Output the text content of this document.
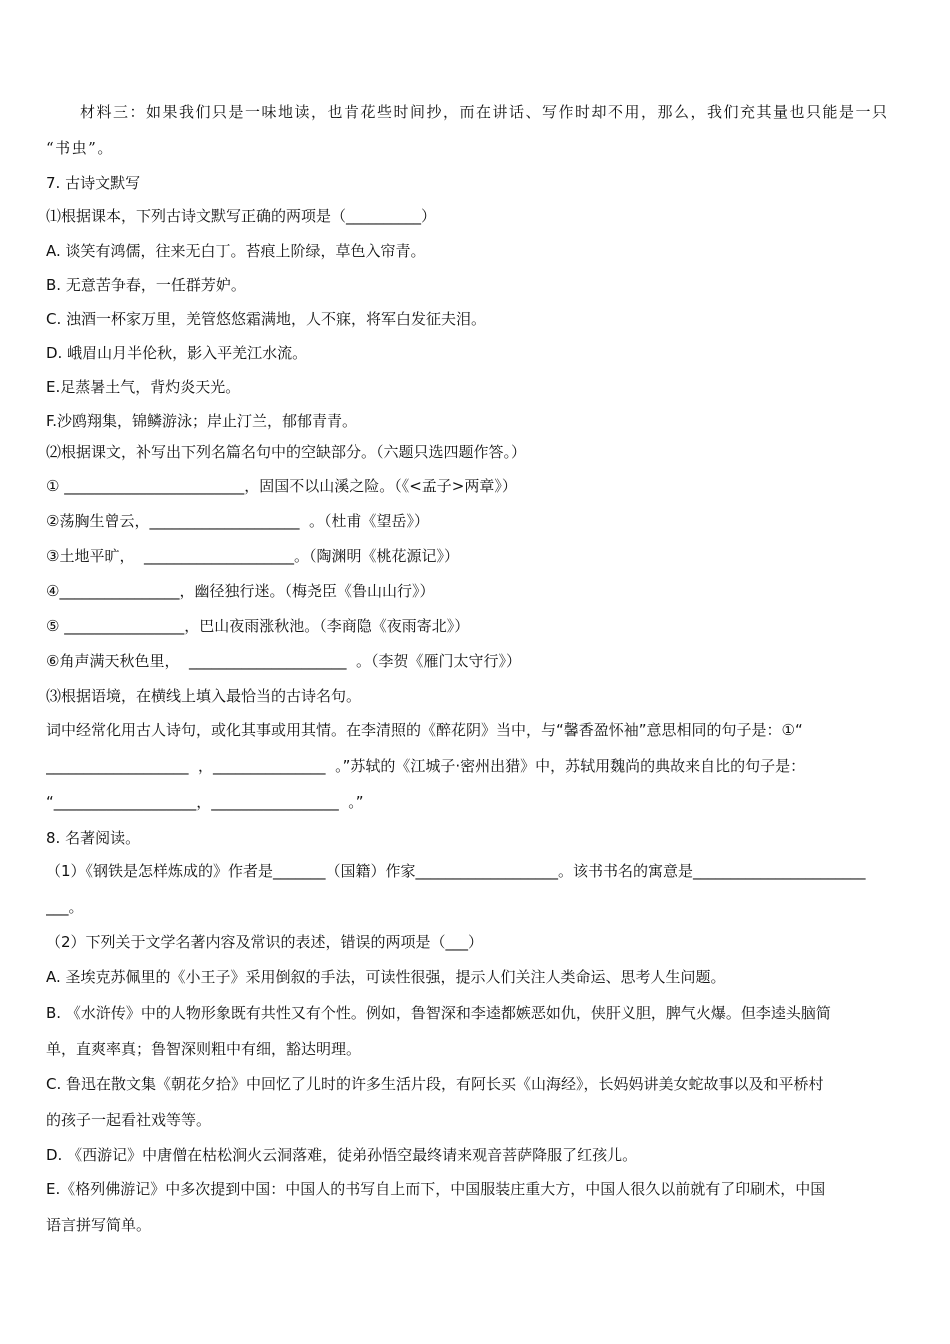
材料三：如果我们只是一味地读，也肯花些时间抄，而在讲话、写作时却不用，那么，我们充其量也只能是一只
“书虫”。
7. 古诗文默写
⑴根据课本，下列古诗文默写正确的两项是（__________）
A. 谈笑有鸿儒，往来无白丁。苔痕上阶绿，草色入帘青。
B. 无意苦争春，一任群芳妒。
C. 浊酒一杯家万里，羌管悠悠霜满地，人不寐，将军白发征夫泪。
D. 峨眉山月半伦秋，影入平羌江水流。
E.足蒸暑土气，背灼炎天光。
F.沙鸥翔集，锦鳞游泳；岸止汀兰，郁郁青青。
⑵根据课文，补写出下列名篇名句中的空缺部分。（六题只选四题作答。）
① ________________________，固国不以山溪之险。（《<孟子>两章》）
②荡胸生曾云，____________________  。（杜甫《望岳》）
③土地平旷，  ____________________。（陶渊明《桃花源记》）
④________________，幽径独行迷。（梅尧臣《鲁山山行》）
⑤ ________________，巴山夜雨涨秋池。（李商隐《夜雨寄北》）
⑥角声满天秋色里，  _____________________  。（李贺《雁门太守行》）
⑶根据语境，在横线上填入最恰当的古诗名句。
词中经常化用古人诗句，或化其事或用其情。在李清照的《醉花阴》当中，与“馨香盈怀袖”意思相同的句子是：①“
___________________  ，_______________  。”苏轼的《江城子·密州出猎》中，苏轼用魏尚的典故来自比的句子是：
“___________________，_________________  。”
8. 名著阅读。
（1）《钢铁是怎样炼成的》作者是_______（国籍）作家___________________。该书书名的寓意是_______________________
___。
（2）下列关于文学名著内容及常识的表述，错误的两项是（___）
A. 圣埃克苏佩里的《小王子》采用倒叙的手法，可读性很强，提示人们关注人类命运、思考人生问题。
B. 《水浒传》中的人物形象既有共性又有个性。例如，鲁智深和李逵都嫉恶如仇，侠肝义胆，脾气火爆。但李逵头脑简
单，直爽率真；鲁智深则粗中有细，豁达明理。
C. 鲁迅在散文集《朝花夕拾》中回忆了儿时的许多生活片段，有阿长买《山海经》，长妈妈讲美女蛇故事以及和平桥村
的孩子一起看社戏等等。
D. 《西游记》中唐僧在枯松涧火云洞落难，徒弟孙悟空最终请来观音菩萨降服了红孩儿。
E.《格列佛游记》中多次提到中国：中国人的书写自上而下，中国服装庄重大方，中国人很久以前就有了印刷术，中国
语言拼写简单。
